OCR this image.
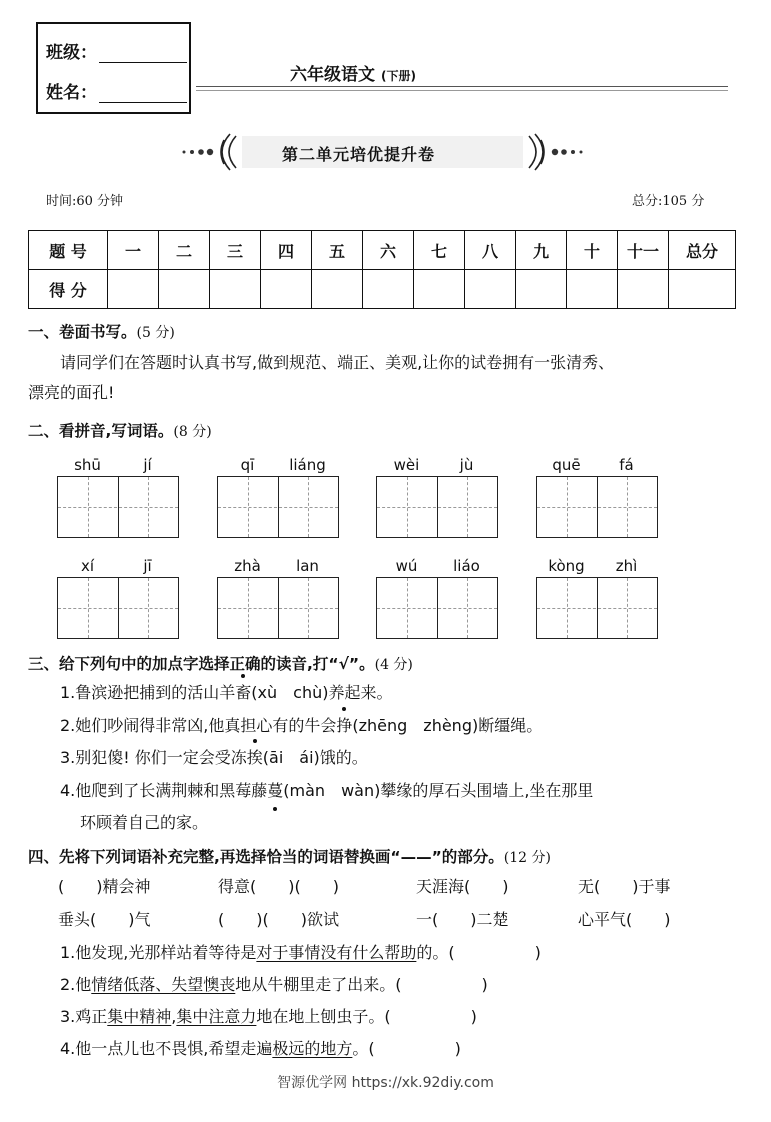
班级：
姓名：
六年级语文 (下册)
第二单元培优提升卷
时间:60 分钟	总分:105 分
题 号	一	二	三	四	五	六	七	八	九	十	十一	总分
得 分												
一、卷面书写。(5 分)
请同学们在答题时认真书写,做到规范、端正、美观,让你的试卷拥有一张清秀、
漂亮的面孔!
二、看拼音,写词语。(8 分)
shū	jí	qī	liáng	wèi	jù	quē	fá
xí	jī	zhà	lan	wú	liáo	kòng	zhì
三、给下列句中的加点字选择正确的读音,打“√”。(4 分)
1.鲁滨逊把捕到的活山羊畜(xù　chù)养起来。
2.她们吵闹得非常凶,他真担心有的牛会挣(zhēng　zhèng)断缰绳。
3.别犯傻! 你们一定会受冻挨(āi　ái)饿的。
4.他爬到了长满荆棘和黑莓藤蔓(màn　wàn)攀缘的厚石头围墙上,坐在那里
环顾着自己的家。
四、先将下列词语补充完整,再选择恰当的词语替换画“——”的部分。(12 分)
(　　)精会神	得意(　　)(　　)	天涯海(　　)	无(　　)于事
垂头(　　)气	(　　)(　　)欲试	一(　　)二楚	心平气(　　)
1.他发现,光那样站着等待是对于事情没有什么帮助的。(　　　　　)
2.他情绪低落、失望懊丧地从牛棚里走了出来。(　　　　　)
3.鸡正集中精神,集中注意力地在地上刨虫子。(　　　　　)
4.他一点儿也不畏惧,希望走遍极远的地方。(　　　　　)
智源优学网 https://xk.92diy.com
